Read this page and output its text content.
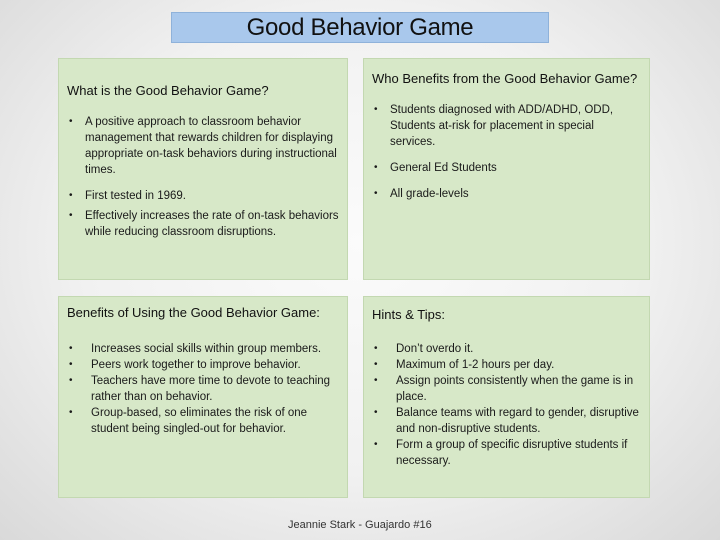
Good Behavior Game
What is the Good Behavior Game?
• A positive approach to classroom behavior management that rewards children for displaying appropriate on-task behaviors during instructional times.
• First tested in 1969.
• Effectively increases the rate of on-task behaviors while reducing classroom disruptions.
Who Benefits from the Good Behavior Game?
• Students diagnosed with ADD/ADHD, ODD, Students at-risk for placement in special services.
• General Ed Students
• All grade-levels
Benefits of Using the Good Behavior Game:
• Increases social skills within group members.
• Peers work together to improve behavior.
• Teachers have more time to devote to teaching rather than on behavior.
• Group-based, so eliminates the risk of one student being singled-out for behavior.
Hints & Tips:
• Don’t overdo it.
• Maximum of 1-2 hours per day.
• Assign points consistently when the game is in place.
• Balance teams with regard to gender, disruptive and non-disruptive students.
• Form a group of specific disruptive students if necessary.
Jeannie Stark - Guajardo #16
